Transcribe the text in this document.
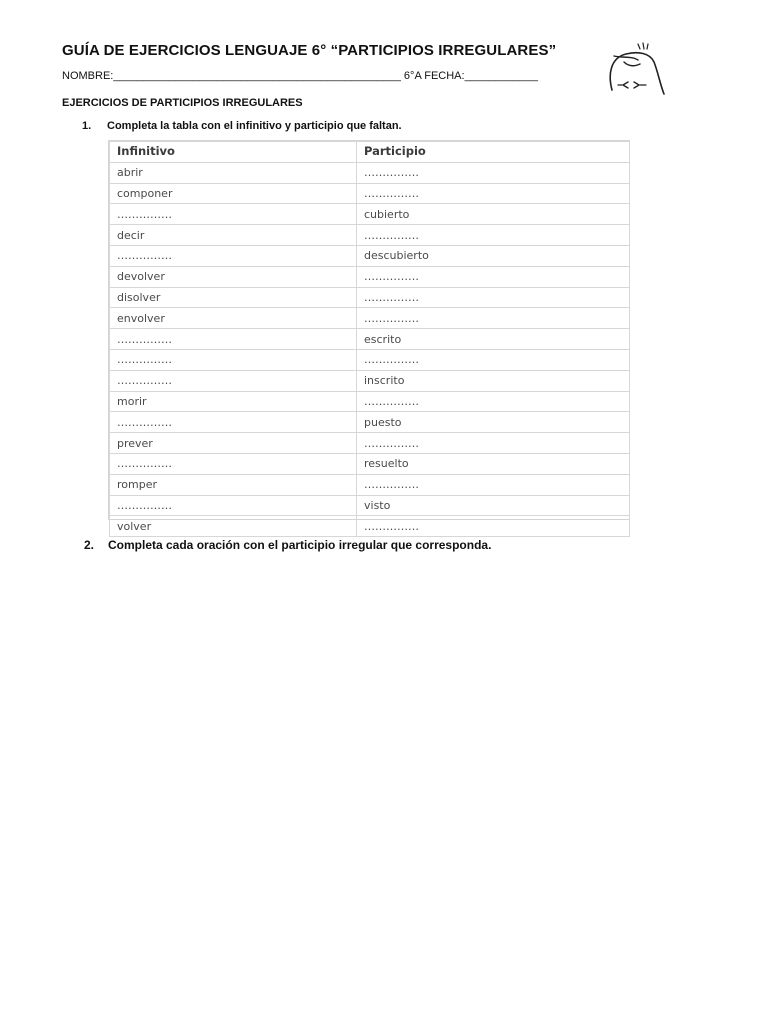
GUÍA DE EJERCICIOS LENGUAJE 6° “PARTICIPIOS IRREGULARES”
NOMBRE:_______________________________________________ 6°A FECHA:____________
EJERCICIOS DE PARTICIPIOS IRREGULARES
1. Completa la tabla con el infinitivo y participio que faltan.
Infinitivo	Participio
abrir	……………
componer	……………
……………	cubierto
decir	……………
……………	descubierto
devolver	……………
disolver	……………
envolver	……………
……………	escrito
……………	……………
……………	inscrito
morir	……………
……………	puesto
prever	……………
……………	resuelto
romper	……………
……………	visto
volver	……………
2. Completa cada oración con el participio irregular que corresponda.
